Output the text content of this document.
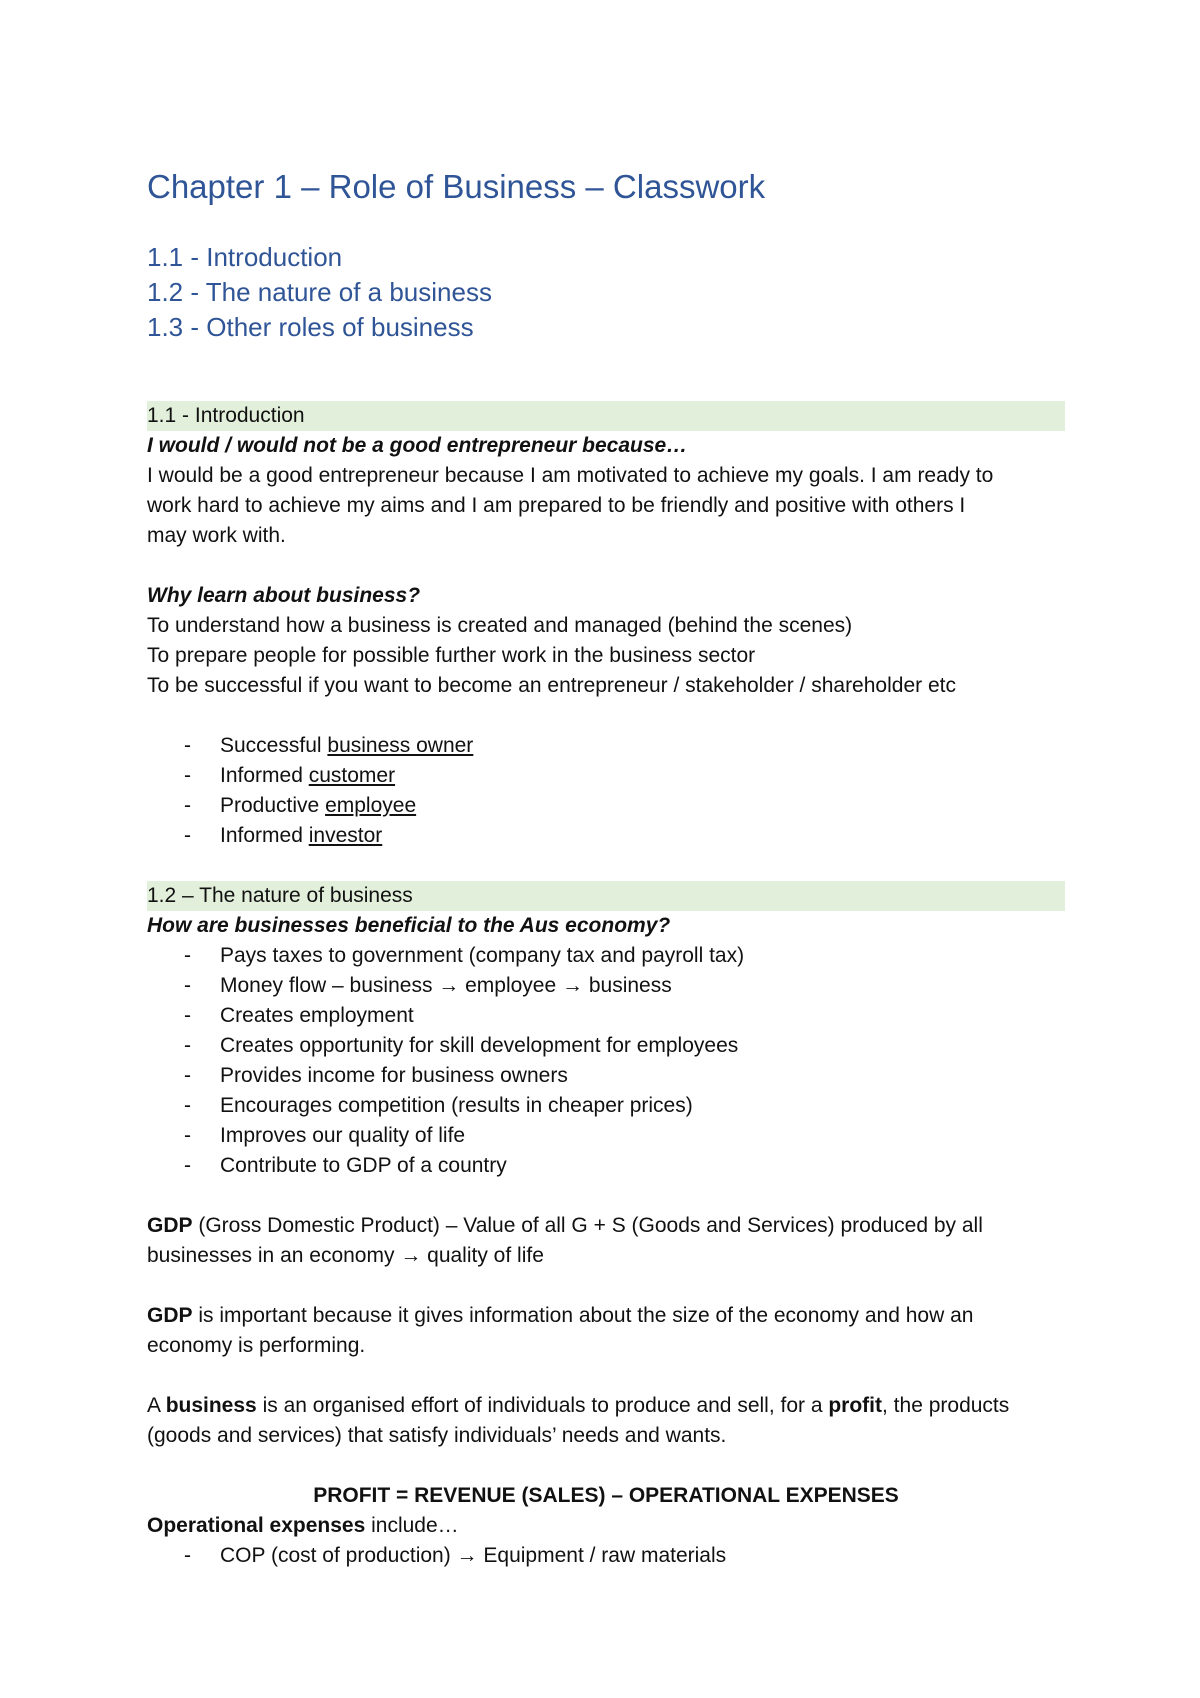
Chapter 1 – Role of Business – Classwork
1.1 - Introduction
1.2 - The nature of a business
1.3 - Other roles of business
1.1 - Introduction
I would / would not be a good entrepreneur because…
I would be a good entrepreneur because I am motivated to achieve my goals. I am ready to
work hard to achieve my aims and I am prepared to be friendly and positive with others I
may work with.
Why learn about business?
To understand how a business is created and managed (behind the scenes)
To prepare people for possible further work in the business sector
To be successful if you want to become an entrepreneur / stakeholder / shareholder etc
- Successful business owner
- Informed customer
- Productive employee
- Informed investor
1.2 – The nature of business
How are businesses beneficial to the Aus economy?
- Pays taxes to government (company tax and payroll tax)
- Money flow – business → employee → business
- Creates employment
- Creates opportunity for skill development for employees
- Provides income for business owners
- Encourages competition (results in cheaper prices)
- Improves our quality of life
- Contribute to GDP of a country
GDP (Gross Domestic Product) – Value of all G + S (Goods and Services) produced by all
businesses in an economy → quality of life
GDP is important because it gives information about the size of the economy and how an
economy is performing.
A business is an organised effort of individuals to produce and sell, for a profit, the products
(goods and services) that satisfy individuals’ needs and wants.
PROFIT = REVENUE (SALES) – OPERATIONAL EXPENSES
Operational expenses include…
- COP (cost of production) → Equipment / raw materials
